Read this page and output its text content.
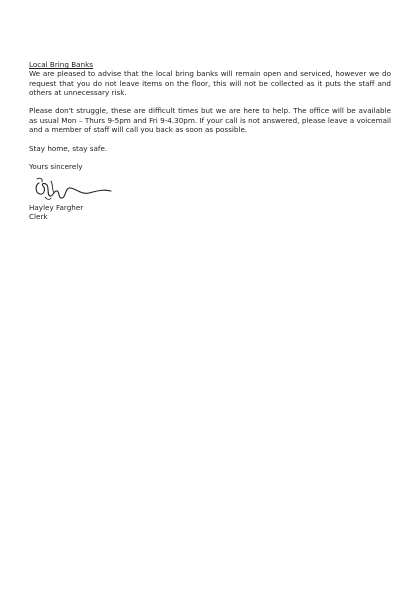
Local Bring Banks

We are pleased to advise that the local bring banks will remain open and serviced, however we do request that you do not leave items on the floor, this will not be collected as it puts the staff and others at unnecessary risk.

Please don't struggle, these are difficult times but we are here to help. The office will be available as usual Mon – Thurs 9-5pm and Fri 9-4.30pm. If your call is not answered, please leave a voicemail and a member of staff will call you back as soon as possible.

Stay home, stay safe.

Yours sincerely

Hayley Fargher

Clerk
